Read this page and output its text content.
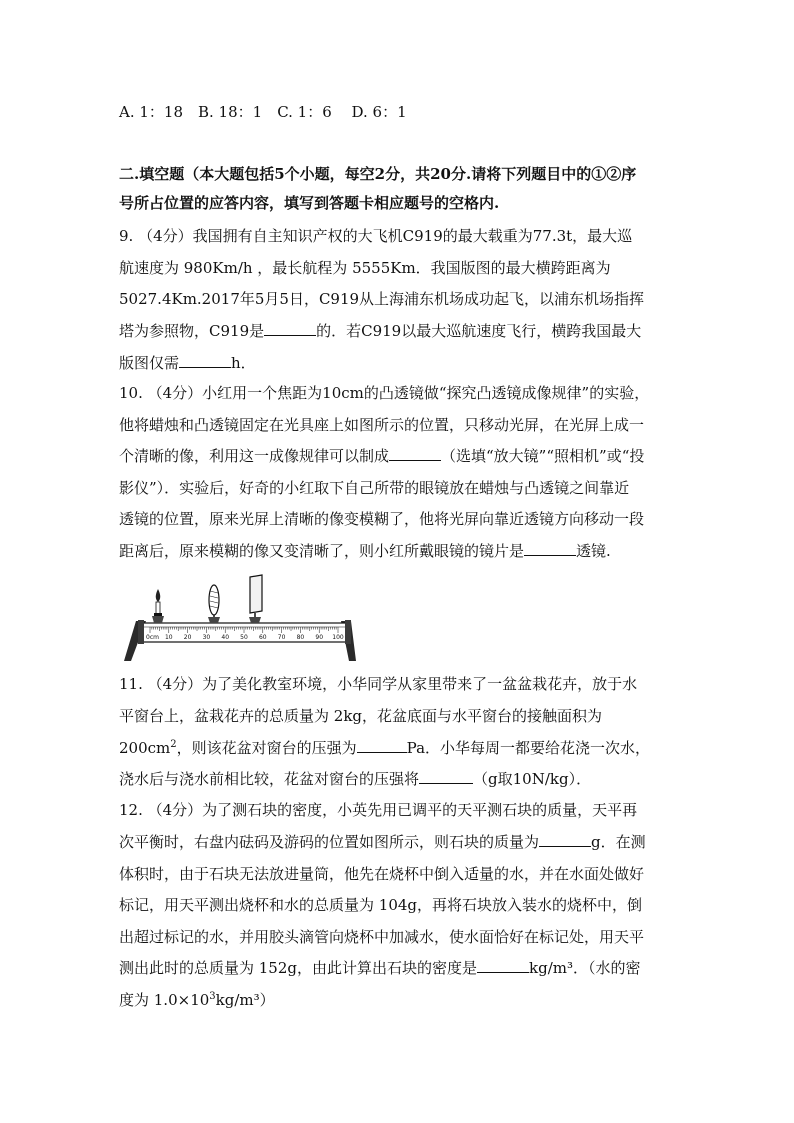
A. 1：18　B. 18：1　C. 1：6　 D. 6：1
二.填空题（本大题包括5个小题，每空2分，共20分.请将下列题目中的①②序
号所占位置的应答内容，填写到答题卡相应题号的空格内.
9. （4分）我国拥有自主知识产权的大飞机C919的最大载重为77.3t，最大巡
航速度为 980Km/h ，最长航程为 5555Km．我国版图的最大横跨距离为
5027.4Km.2017年5月5日，C919从上海浦东机场成功起飞，以浦东机场指挥
塔为参照物，C919是	的．若C919以最大巡航速度飞行，横跨我国最大
版图仅需	h．
10. （4分）小红用一个焦距为10cm的凸透镜做“探究凸透镜成像规律”的实验，
他将蜡烛和凸透镜固定在光具座上如图所示的位置，只移动光屏，在光屏上成一
个清晰的像，利用这一成像规律可以制成	（选填“放大镜”“照相机”或“投
影仪”）．实验后，好奇的小红取下自己所带的眼镜放在蜡烛与凸透镜之间靠近
透镜的位置，原来光屏上清晰的像变模糊了，他将光屏向靠近透镜方向移动一段
距离后，原来模糊的像又变清晰了，则小红所戴眼镜的镜片是	透镜.
10 20 30 40 50 60 70 80 90 100
0cm
11. （4分）为了美化教室环境，小华同学从家里带来了一盆盆栽花卉，放于水
平窗台上，盆栽花卉的总质量为 2kg，花盆底面与水平窗台的接触面积为
$200cm^2$，则该花盆对窗台的压强为	Pa．小华每周一都要给花浇一次水，
浇水后与浇水前相比较，花盆对窗台的压强将	（g取10N/kg）．
12. （4分）为了测石块的密度，小英先用已调平的天平测石块的质量，天平再
次平衡时，右盘内砝码及游码的位置如图所示，则石块的质量为	g．在测
体积时，由于石块无法放进量筒，他先在烧杯中倒入适量的水，并在水面处做好
标记，用天平测出烧杯和水的总质量为 104g，再将石块放入装水的烧杯中，倒
出超过标记的水，并用胶头滴管向烧杯中加减水，使水面恰好在标记处，用天平
测出此时的总质量为 152g，由此计算出石块的密度是	kg/m³．（水的密
度为 $1.0\times 10^3kg/m^3$）
